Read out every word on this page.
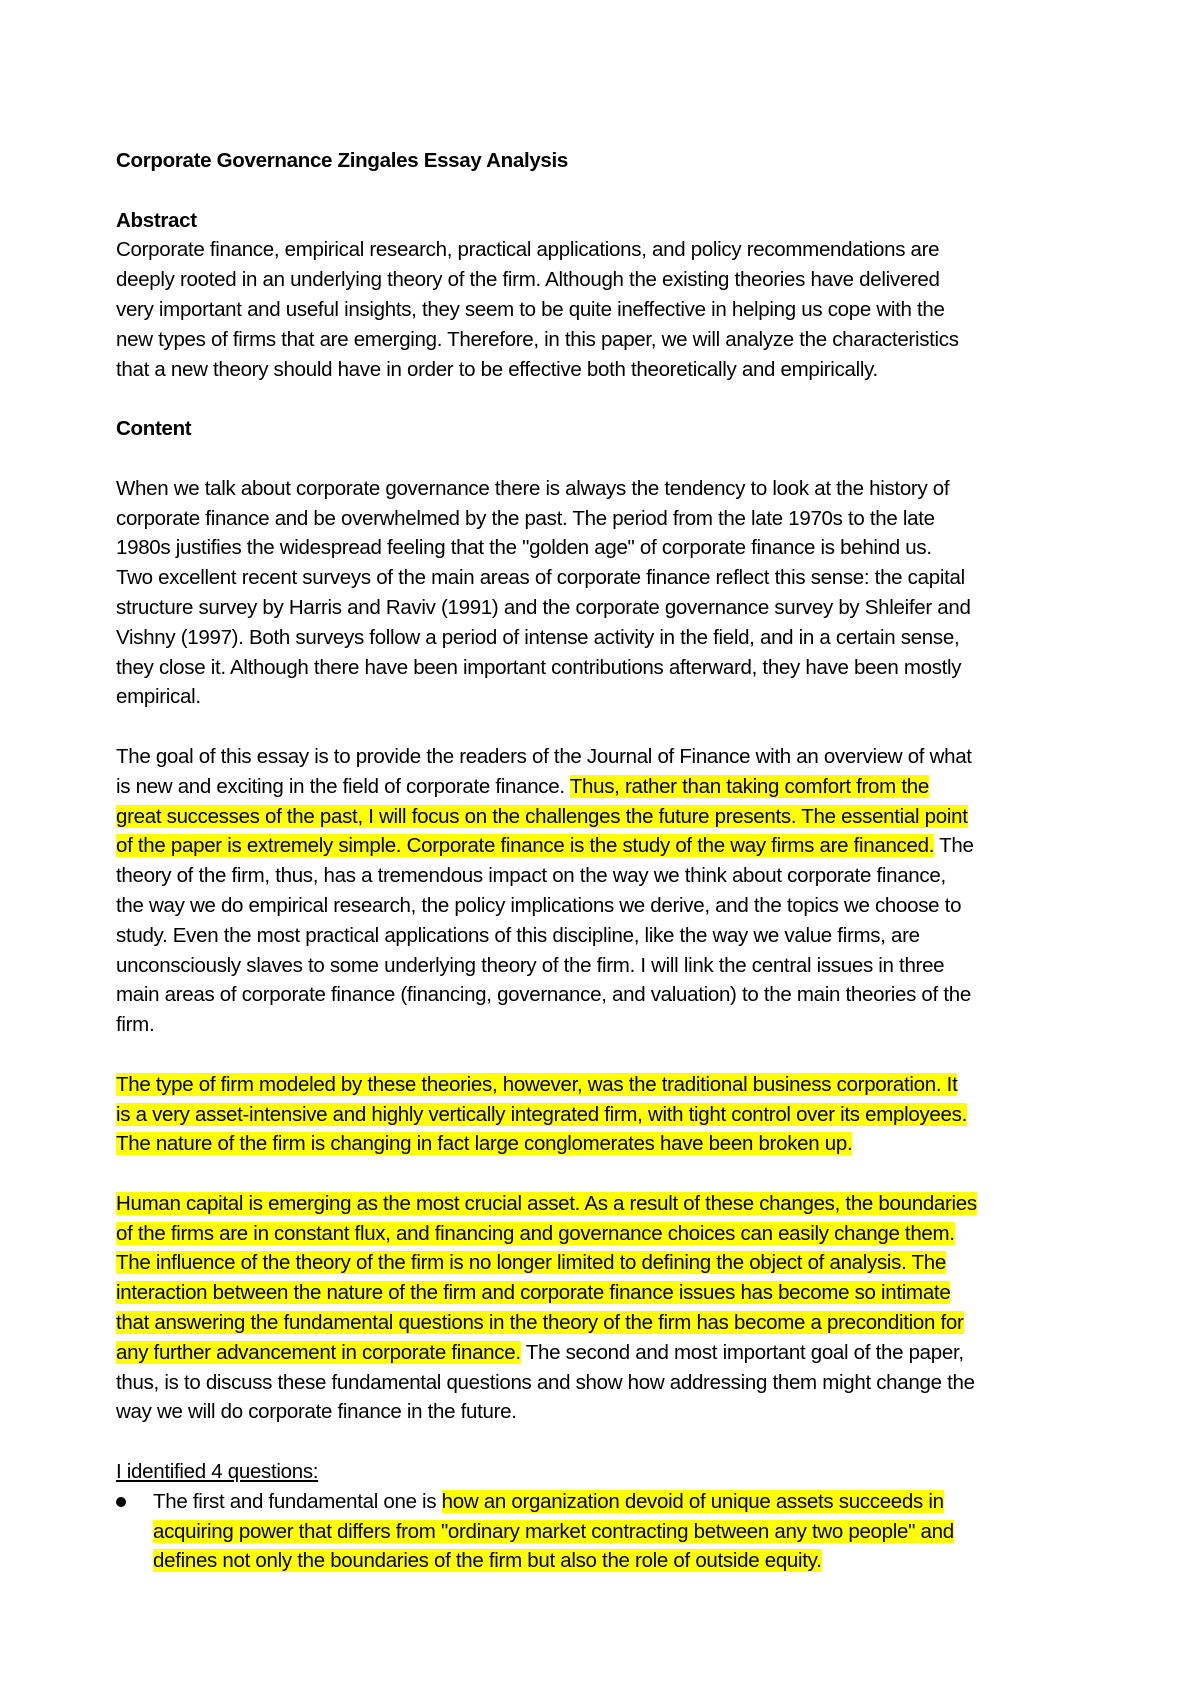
Corporate Governance Zingales Essay Analysis
Abstract
Corporate finance, empirical research, practical applications, and policy recommendations are
deeply rooted in an underlying theory of the firm. Although the existing theories have delivered
very important and useful insights, they seem to be quite ineffective in helping us cope with the
new types of firms that are emerging. Therefore, in this paper, we will analyze the characteristics
that a new theory should have in order to be effective both theoretically and empirically.
Content
When we talk about corporate governance there is always the tendency to look at the history of
corporate finance and be overwhelmed by the past. The period from the late 1970s to the late
1980s justifies the widespread feeling that the "golden age" of corporate finance is behind us.
Two excellent recent surveys of the main areas of corporate finance reflect this sense: the capital
structure survey by Harris and Raviv (1991) and the corporate governance survey by Shleifer and
Vishny (1997). Both surveys follow a period of intense activity in the field, and in a certain sense,
they close it. Although there have been important contributions afterward, they have been mostly
empirical.
The goal of this essay is to provide the readers of the Journal of Finance with an overview of what
is new and exciting in the field of corporate finance. Thus, rather than taking comfort from the
great successes of the past, I will focus on the challenges the future presents. The essential point
of the paper is extremely simple. Corporate finance is the study of the way firms are financed. The
theory of the firm, thus, has a tremendous impact on the way we think about corporate finance,
the way we do empirical research, the policy implications we derive, and the topics we choose to
study. Even the most practical applications of this discipline, like the way we value firms, are
unconsciously slaves to some underlying theory of the firm. I will link the central issues in three
main areas of corporate finance (financing, governance, and valuation) to the main theories of the
firm.
The type of firm modeled by these theories, however, was the traditional business corporation. It
is a very asset-intensive and highly vertically integrated firm, with tight control over its employees.
The nature of the firm is changing in fact large conglomerates have been broken up.
Human capital is emerging as the most crucial asset. As a result of these changes, the boundaries
of the firms are in constant flux, and financing and governance choices can easily change them.
The influence of the theory of the firm is no longer limited to defining the object of analysis. The
interaction between the nature of the firm and corporate finance issues has become so intimate
that answering the fundamental questions in the theory of the firm has become a precondition for
any further advancement in corporate finance. The second and most important goal of the paper,
thus, is to discuss these fundamental questions and show how addressing them might change the
way we will do corporate finance in the future.
I identified 4 questions:
The first and fundamental one is how an organization devoid of unique assets succeeds in
acquiring power that differs from "ordinary market contracting between any two people" and
defines not only the boundaries of the firm but also the role of outside equity.
